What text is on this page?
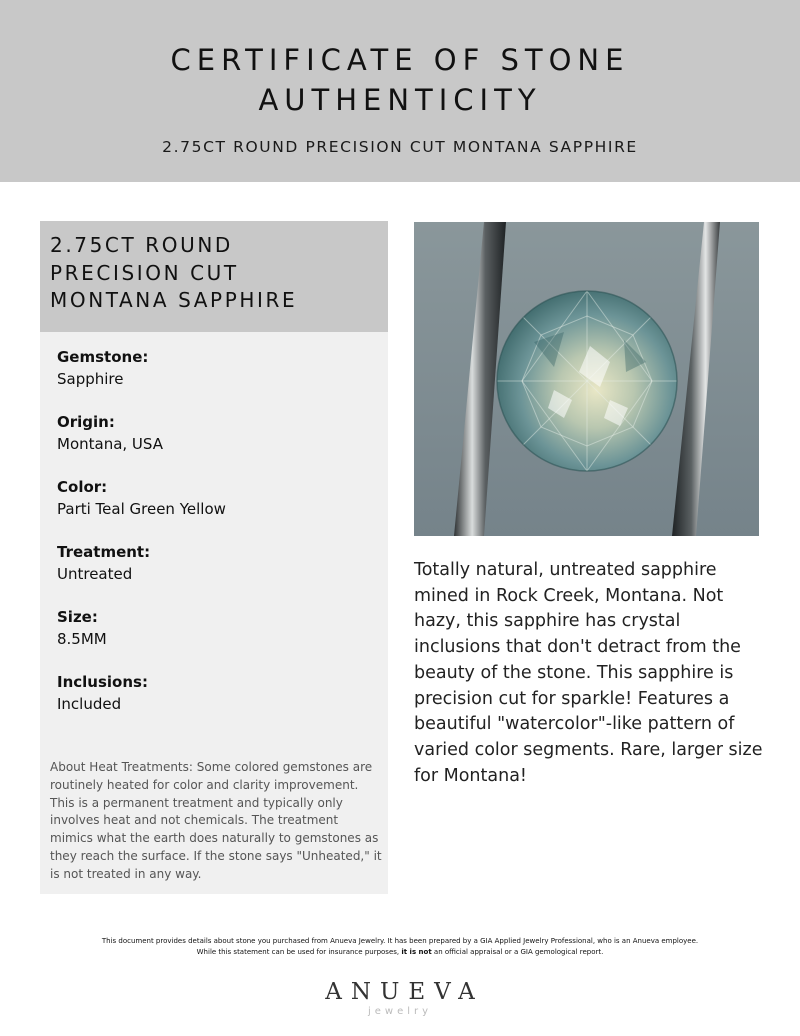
CERTIFICATE OF STONE
AUTHENTICITY
2.75CT ROUND PRECISION CUT MONTANA SAPPHIRE
2.75CT ROUND
PRECISION CUT
MONTANA SAPPHIRE
Gemstone:
Sapphire
Origin:
Montana, USA
Color:
Parti Teal Green Yellow
Treatment:
Untreated
Size:
8.5MM
Inclusions:
Included
About Heat Treatments: Some colored gemstones are routinely heated for color and clarity improvement. This is a permanent treatment and typically only involves heat and not chemicals. The treatment mimics what the earth does naturally to gemstones as they reach the surface. If the stone says "Unheated," it is not treated in any way.
Totally natural, untreated sapphire mined in Rock Creek, Montana. Not hazy, this sapphire has crystal inclusions that don't detract from the beauty of the stone. This sapphire is precision cut for sparkle! Features a beautiful "watercolor"-like pattern of varied color segments. Rare, larger size for Montana!
This document provides details about stone you purchased from Anueva Jewelry. It has been prepared by a GIA Applied Jewelry Professional, who is an Anueva employee.
While this statement can be used for insurance purposes, it is not an official appraisal or a GIA gemological report.
ANUEVA
jewelry
